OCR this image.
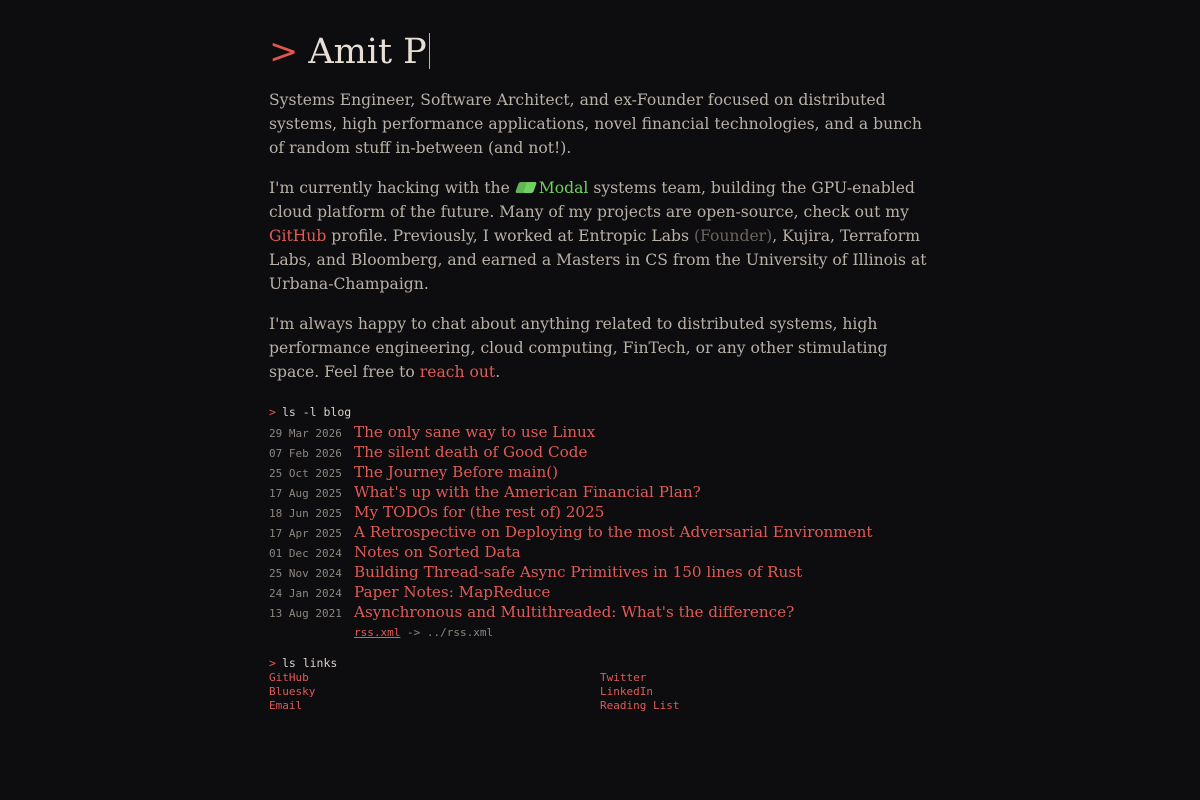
> Amit P

Systems Engineer, Software Architect, and ex-Founder focused on distributed systems, high performance applications, novel financial technologies, and a bunch of random stuff in-between (and not!).

I'm currently hacking with the
Modal systems team, building the GPU-enabled cloud platform of the future. Many of my projects are open-source, check out my GitHub profile. Previously, I worked at Entropic Labs (Founder), Kujira, Terraform Labs, and Bloomberg, and earned a Masters in CS from the University of Illinois at Urbana-Champaign.

I'm always happy to chat about anything related to distributed systems, high performance engineering, cloud computing, FinTech, or any other stimulating space. Feel free to reach out.

> ls -l blog
29 Mar 2026 The only sane way to use Linux
07 Feb 2026 The silent death of Good Code
25 Oct 2025 The Journey Before main()
17 Aug 2025 What's up with the American Financial Plan?
18 Jun 2025 My TODOs for (the rest of) 2025
17 Apr 2025 A Retrospective on Deploying to the most Adversarial Environment
01 Dec 2024 Notes on Sorted Data
25 Nov 2024 Building Thread-safe Async Primitives in 150 lines of Rust
24 Jan 2024 Paper Notes: MapReduce
13 Aug 2021 Asynchronous and Multithreaded: What's the difference?
rss.xml -> ../rss.xml
> ls links
GitHub	Twitter
Bluesky	LinkedIn
Email	Reading List
